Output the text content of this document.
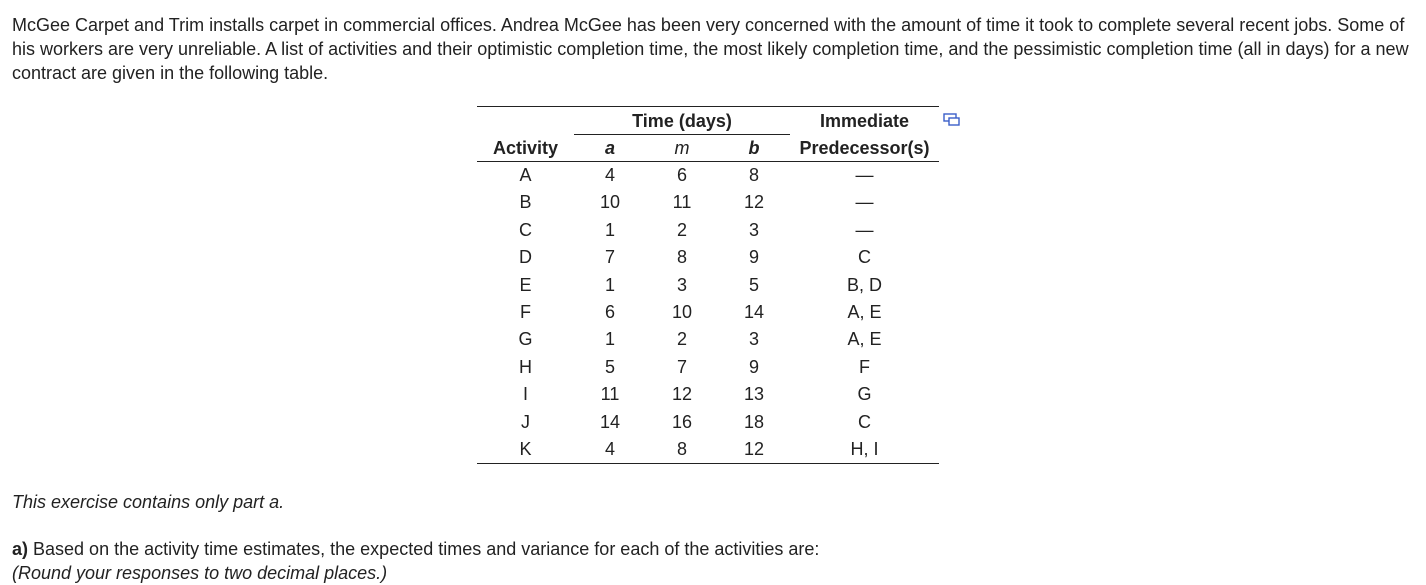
McGee Carpet and Trim installs carpet in commercial offices. Andrea McGee has been very concerned with the amount of time it took to complete several recent jobs. Some of his workers are very unreliable. A list of activities and their optimistic completion time, the most likely completion time, and the pessimistic completion time (all in days) for a new contract are given in the following table.

	Time (days)			Immediate
Activity	a	m	b	Predecessor(s)
A	4	6	8	—
B	10	11	12	—
C	1	2	3	—
D	7	8	9	C
E	1	3	5	B, D
F	6	10	14	A, E
G	1	2	3	A, E
H	5	7	9	F
I	11	12	13	G
J	14	16	18	C
K	4	8	12	H, I

This exercise contains only part a.

a) Based on the activity time estimates, the expected times and variance for each of the activities are:
(Round your responses to two decimal places.)
